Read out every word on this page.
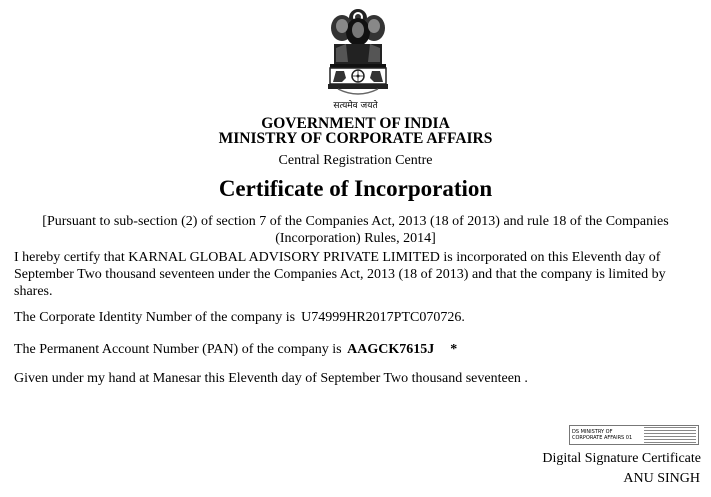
सत्यमेव जयते
GOVERNMENT OF INDIA
MINISTRY OF CORPORATE AFFAIRS
Central Registration Centre
Certificate of Incorporation
[Pursuant to sub-section (2) of section 7 of the Companies Act, 2013 (18 of 2013) and rule 18 of the Companies (Incorporation) Rules, 2014]
I hereby certify that KARNAL GLOBAL ADVISORY PRIVATE LIMITED is incorporated on this Eleventh day of September Two thousand seventeen under the Companies Act, 2013 (18 of 2013) and that the company is limited by shares.
The Corporate Identity Number of the company is U74999HR2017PTC070726.
The Permanent Account Number (PAN) of the company is AAGCK7615J *
Given under my hand at Manesar this Eleventh day of September Two thousand seventeen .
DS MINISTRY OF CORPORATE AFFAIRS 01
Digital Signature Certificate
ANU SINGH
